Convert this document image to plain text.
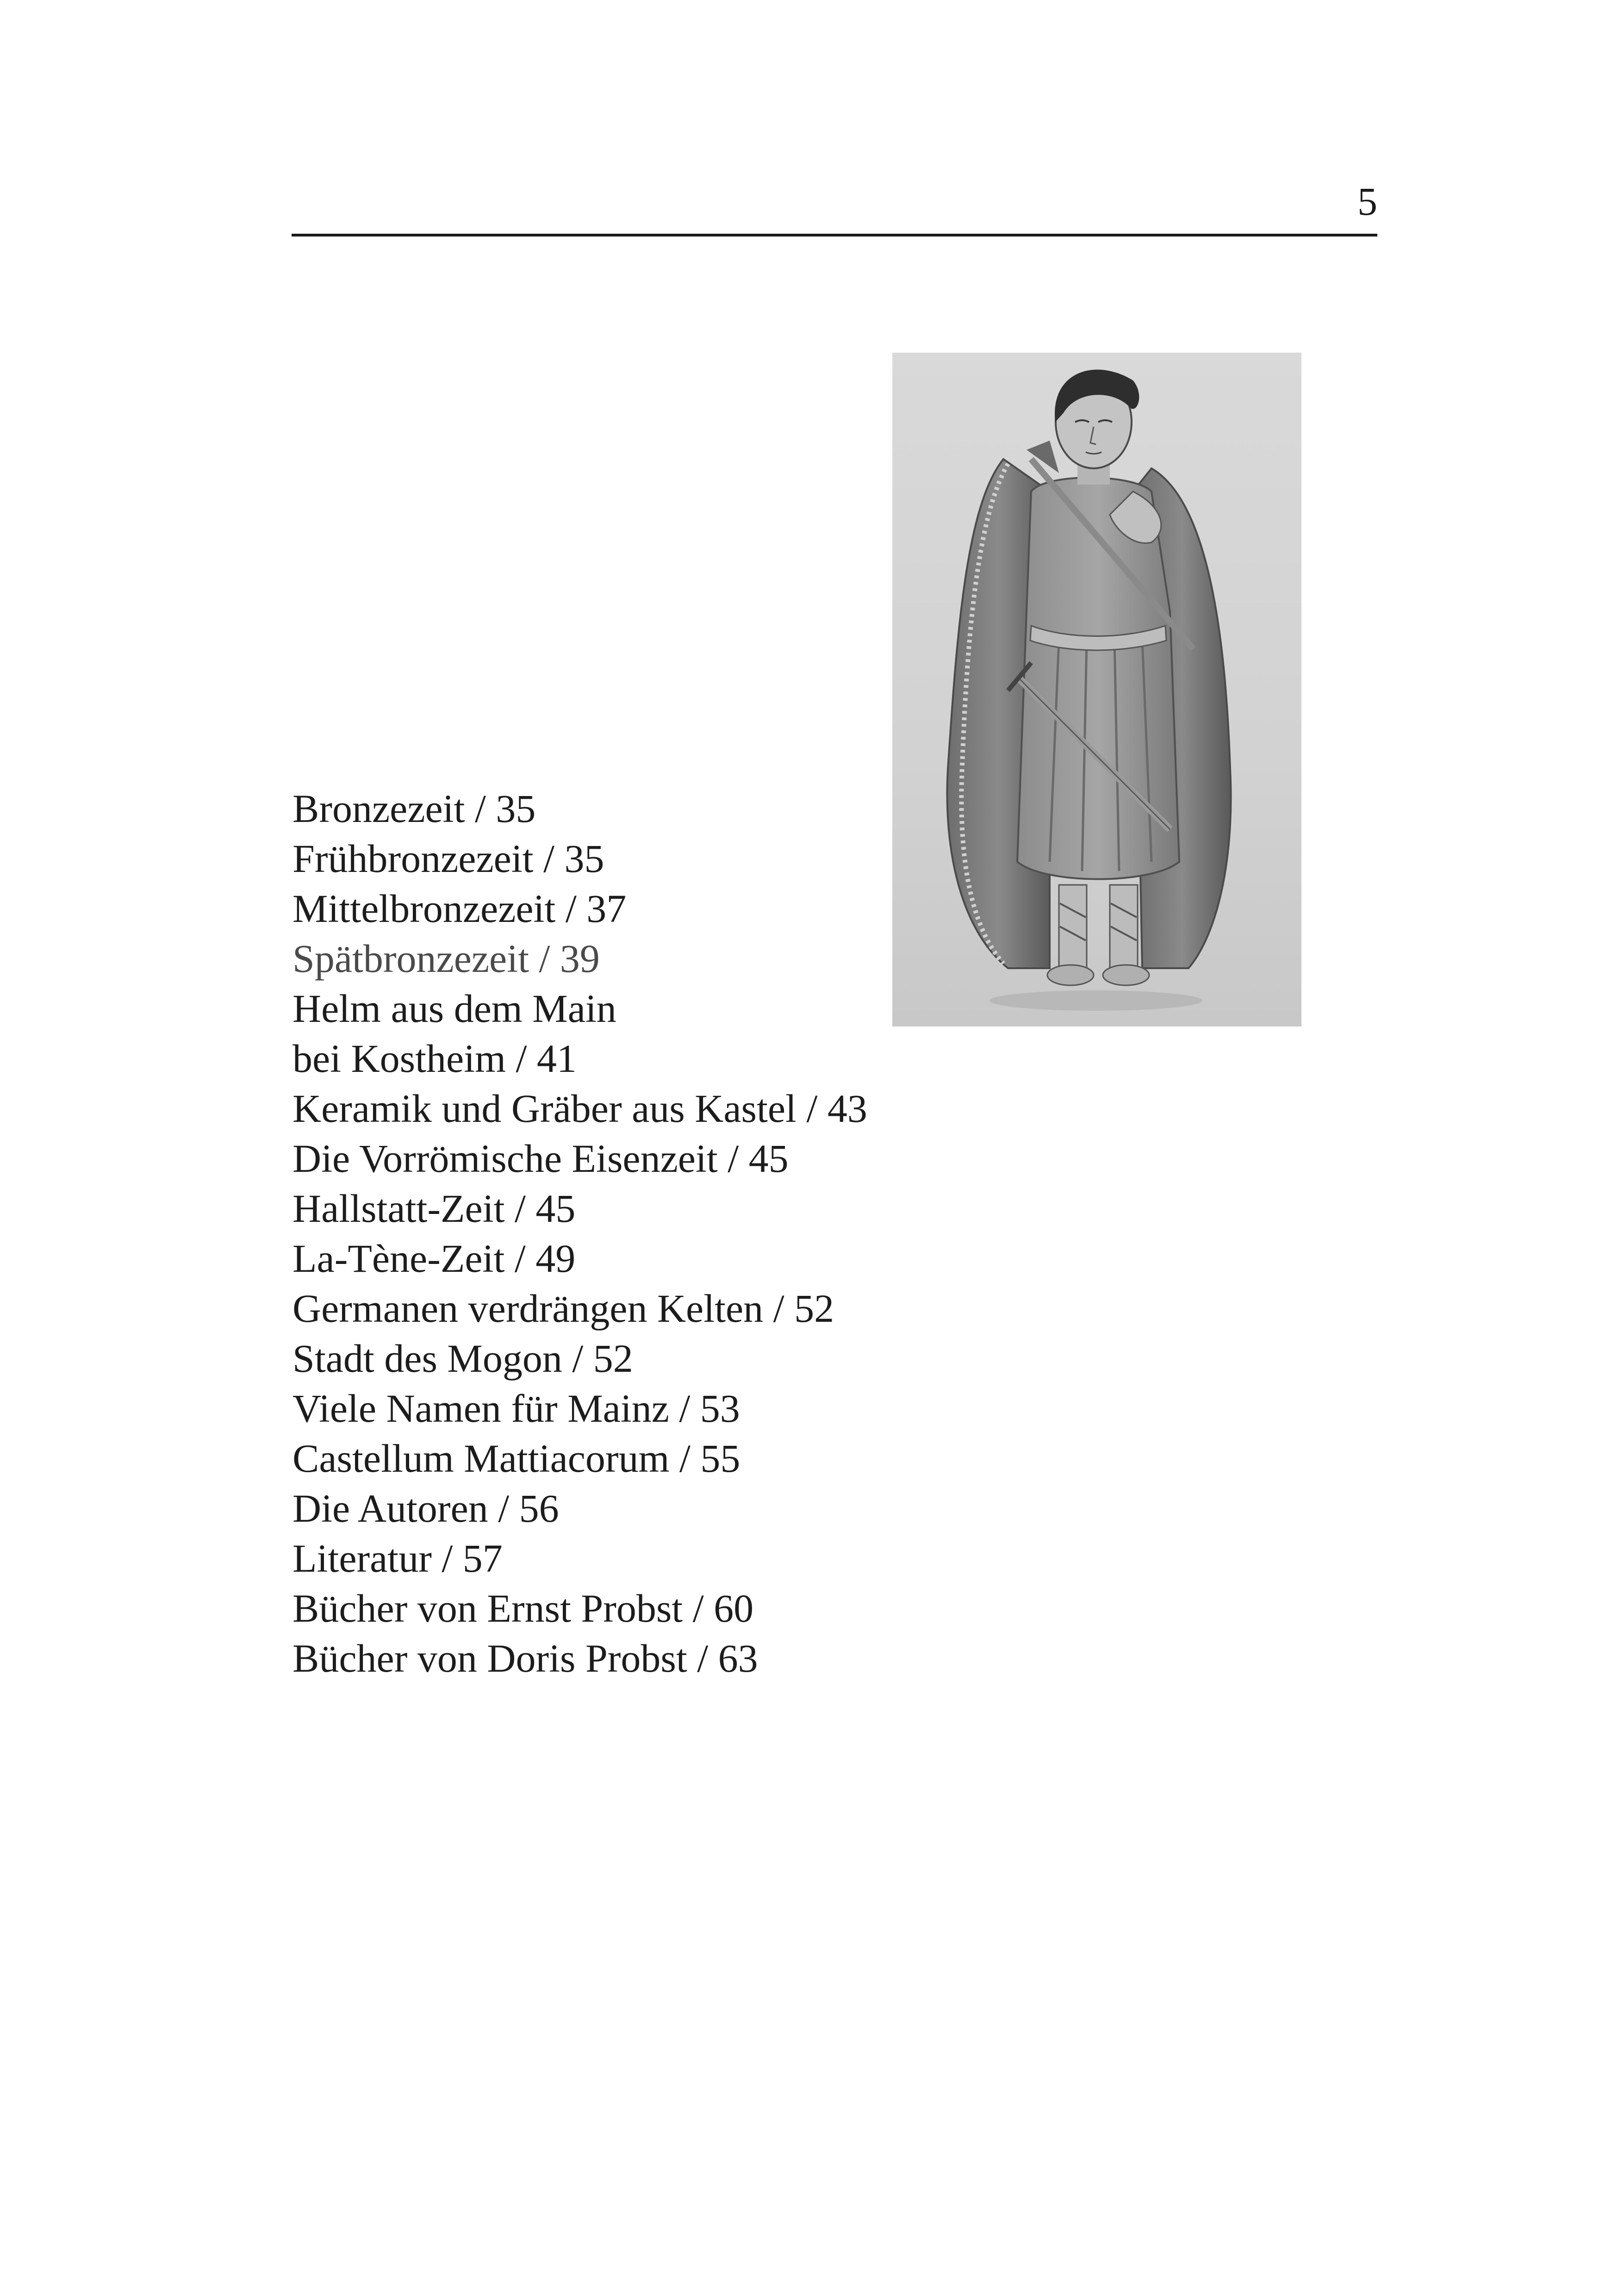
5
Bronzezeit / 35
Frühbronzezeit / 35
Mittelbronzezeit / 37
Spätbronzezeit / 39
Helm aus dem Main
bei Kostheim / 41
Keramik und Gräber aus Kastel / 43
Die Vorrömische Eisenzeit / 45
Hallstatt-Zeit / 45
La-Tène-Zeit / 49
Germanen verdrängen Kelten / 52
Stadt des Mogon / 52
Viele Namen für Mainz / 53
Castellum Mattiacorum / 55
Die Autoren / 56
Literatur / 57
Bücher von Ernst Probst / 60
Bücher von Doris Probst / 63
